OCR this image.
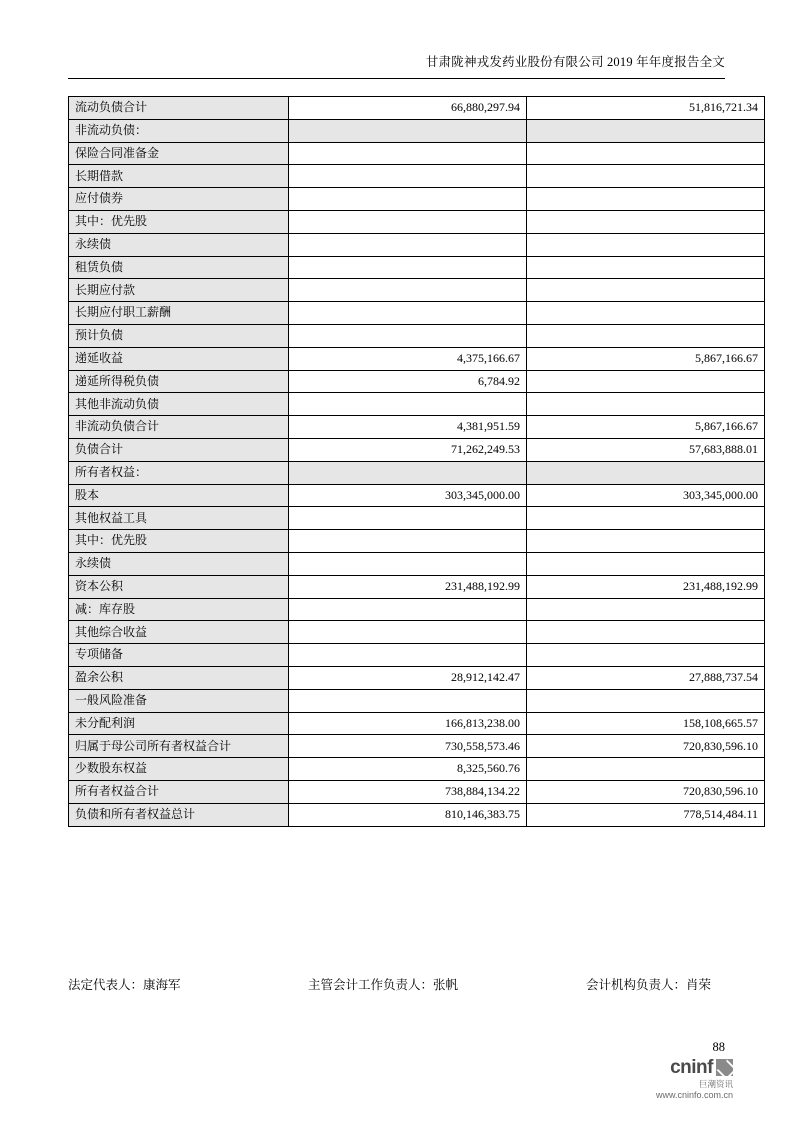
甘肃陇神戎发药业股份有限公司 2019 年年度报告全文
流动负债合计	66,880,297.94	51,816,721.34
非流动负债：		
保险合同准备金		
长期借款		
应付债券		
其中：优先股		
永续债		
租赁负债		
长期应付款		
长期应付职工薪酬		
预计负债		
递延收益	4,375,166.67	5,867,166.67
递延所得税负债	6,784.92	
其他非流动负债		
非流动负债合计	4,381,951.59	5,867,166.67
负债合计	71,262,249.53	57,683,888.01
所有者权益：		
股本	303,345,000.00	303,345,000.00
其他权益工具		
其中：优先股		
永续债		
资本公积	231,488,192.99	231,488,192.99
减：库存股		
其他综合收益		
专项储备		
盈余公积	28,912,142.47	27,888,737.54
一般风险准备		
未分配利润	166,813,238.00	158,108,665.57
归属于母公司所有者权益合计	730,558,573.46	720,830,596.10
少数股东权益	8,325,560.76	
所有者权益合计	738,884,134.22	720,830,596.10
负债和所有者权益总计	810,146,383.75	778,514,484.11
法定代表人：康海军	主管会计工作负责人：张帆	会计机构负责人：肖荣
88
cninf
巨潮资讯
www.cninfo.com.cn
